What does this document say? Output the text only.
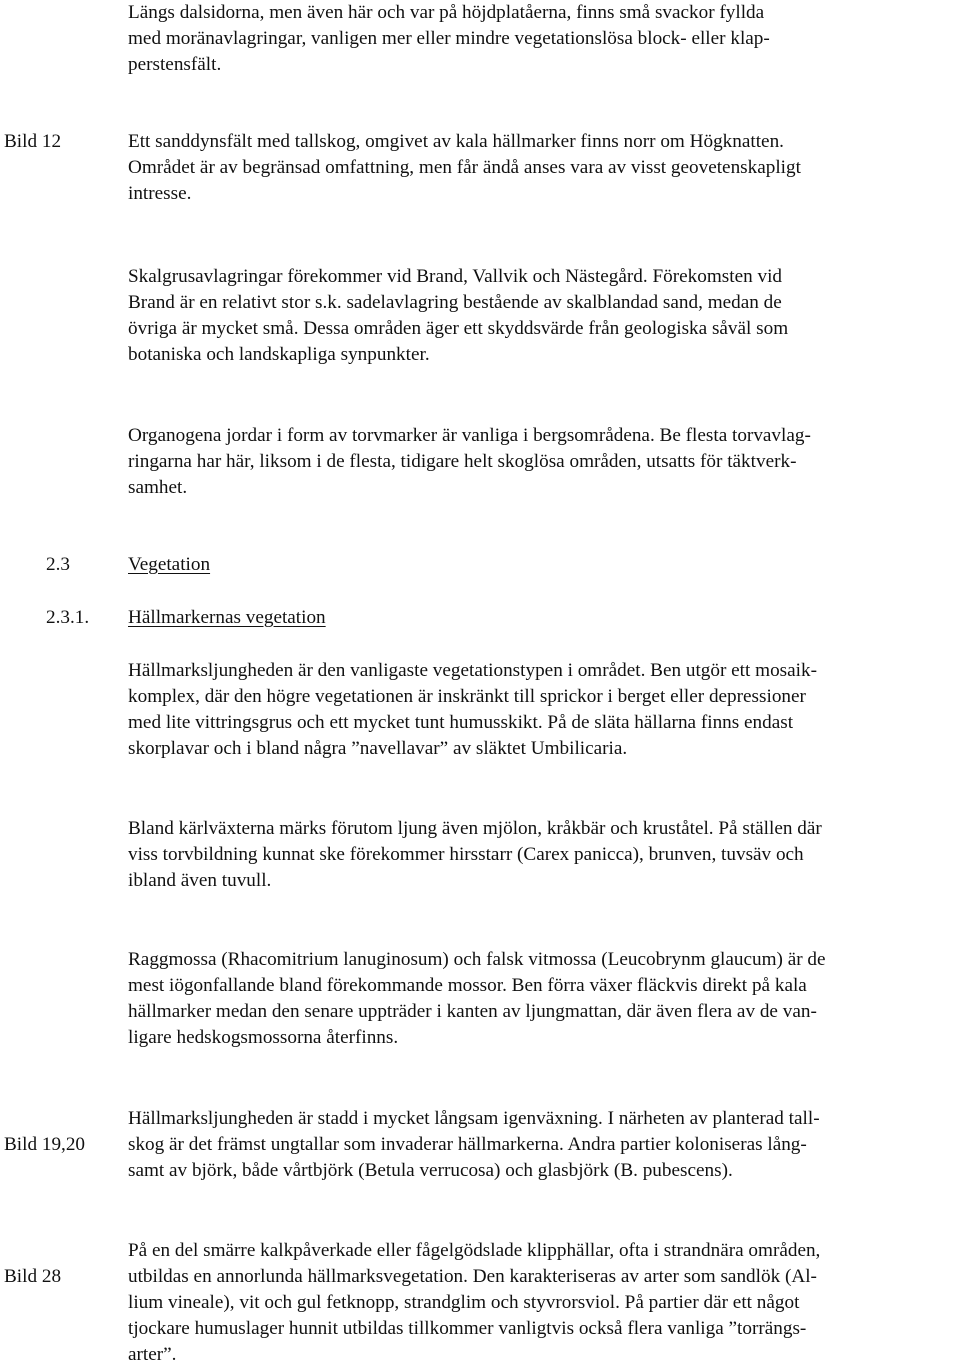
Längs dalsidorna, men även här och var på höjdplatåerna, finns små svackor fyllda
med moränavlagringar, vanligen mer eller mindre vegetationslösa block- eller klap-
perstensfält.
Bild 12	Ett sanddynsfält med tallskog, omgivet av kala hällmarker finns norr om Högknatten.
Området är av begränsad omfattning, men får ändå anses vara av visst geovetenskapligt
intresse.
Skalgrusavlagringar förekommer vid Brand, Vallvik och Nästegård. Förekomsten vid
Brand är en relativt stor s.k. sadelavlagring bestående av skalblandad sand, medan de
övriga är mycket små. Dessa områden äger ett skyddsvärde från geologiska såväl som
botaniska och landskapliga synpunkter.
Organogena jordar i form av torvmarker är vanliga i bergsområdena. Be flesta torvavlag-
ringarna har här, liksom i de flesta, tidigare helt skoglösa områden, utsatts för täktverk-
samhet.
2.3	Vegetation
2.3.1. Hällmarkernas vegetation
Hällmarksljungheden är den vanligaste vegetationstypen i området. Ben utgör ett mosaik-
komplex, där den högre vegetationen är inskränkt till sprickor i berget eller depressioner
med lite vittringsgrus och ett mycket tunt humusskikt. På de släta hällarna finns endast
skorplavar och i bland några ”navellavar” av släktet Umbilicaria.
Bland kärlväxterna märks förutom ljung även mjölon, kråkbär och kruståtel. På ställen där
viss torvbildning kunnat ske förekommer hirsstarr (Carex panicca), brunven, tuvsäv och
ibland även tuvull.
Raggmossa (Rhacomitrium lanuginosum) och falsk vitmossa (Leucobrynm glaucum) är de
mest iögonfallande bland förekommande mossor. Ben förra växer fläckvis direkt på kala
hällmarker medan den senare uppträder i kanten av ljungmattan, där även flera av de van-
ligare hedskogsmossorna återfinns.
Bild 19,20
Hällmarksljungheden är stadd i mycket långsam igenväxning. I närheten av planterad tall-
skog är det främst ungtallar som invaderar hällmarkerna. Andra partier koloniseras lång-
samt av björk, både vårtbjörk (Betula verrucosa) och glasbjörk (B. pubescens).
Bild 28
På en del smärre kalkpåverkade eller fågelgödslade klipphällar, ofta i strandnära områden,
utbildas en annorlunda hällmarksvegetation. Den karakteriseras av arter som sandlök (Al-
lium vineale), vit och gul fetknopp, strandglim och styvrorsviol. På partier där ett något
tjockare humuslager hunnit utbildas tillkommer vanligtvis också flera vanliga ”torrängs-
arter”.
